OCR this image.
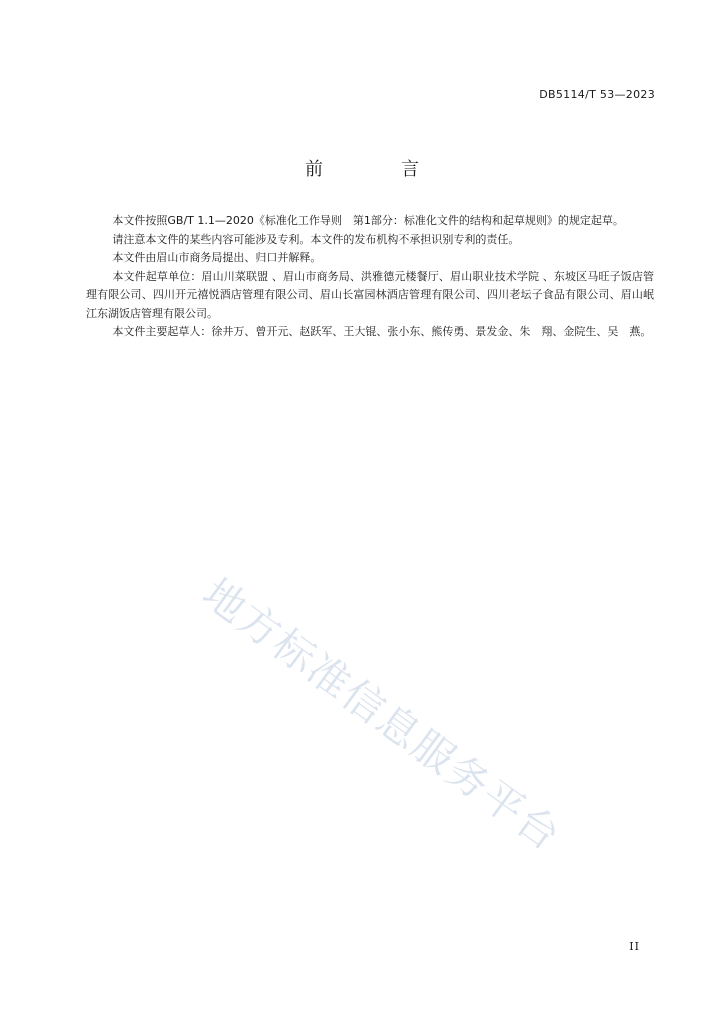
DB5114/T 53—2023
前　言

本文件按照GB/T 1.1—2020《标准化工作导则　第1部分：标准化文件的结构和起草规则》的规定起草。

请注意本文件的某些内容可能涉及专利。本文件的发布机构不承担识别专利的责任。

本文件由眉山市商务局提出、归口并解释。

本文件起草单位：眉山川菜联盟 、眉山市商务局、洪雅德元楼餐厅、眉山职业技术学院 、东坡区马旺子饭店管理有限公司、四川开元禧悦酒店管理有限公司、眉山长富园林酒店管理有限公司、四川老坛子食品有限公司、眉山岷江东湖饭店管理有限公司。

本文件主要起草人：徐井万、曾开元、赵跃军、王大锟、张小东、熊传勇、景发金、朱　翔、金院生、吴　燕。

地方标准信息服务平台
II
